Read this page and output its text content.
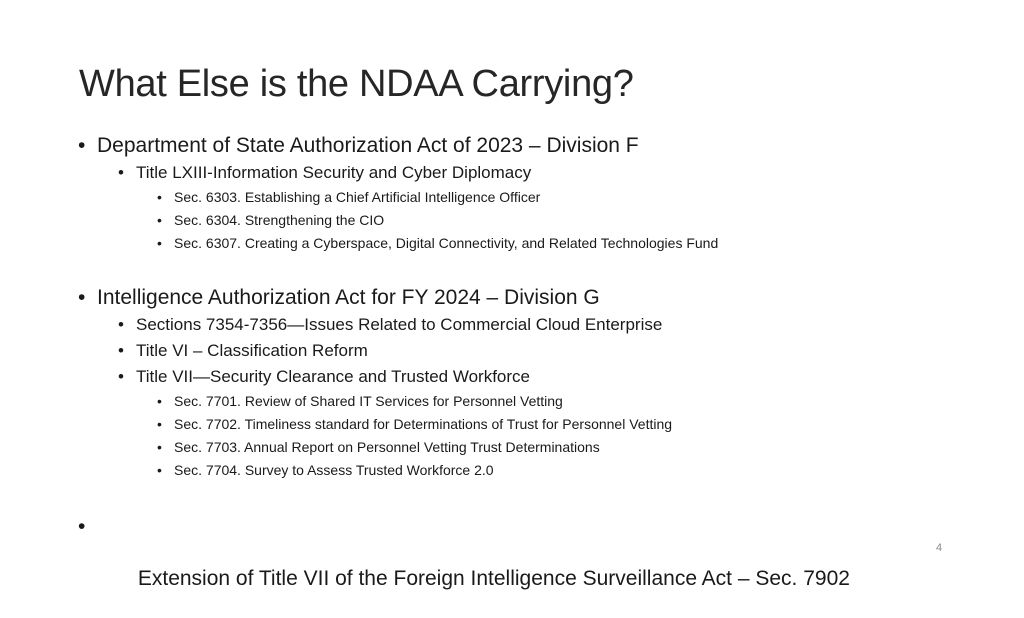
What Else is the NDAA Carrying?
• Department of State Authorization Act of 2023 – Division F
• Title LXIII-Information Security and Cyber Diplomacy
• Sec. 6303. Establishing a Chief Artificial Intelligence Officer
• Sec. 6304. Strengthening the CIO
• Sec. 6307. Creating a Cyberspace, Digital Connectivity, and Related Technologies Fund
• Intelligence Authorization Act for FY 2024 – Division G
• Sections 7354-7356—Issues Related to Commercial Cloud Enterprise
• Title VI – Classification Reform
• Title VII—Security Clearance and Trusted Workforce
• Sec. 7701. Review of Shared IT Services for Personnel Vetting
• Sec. 7702. Timeliness standard for Determinations of Trust for Personnel Vetting
• Sec. 7703. Annual Report on Personnel Vetting Trust Determinations
• Sec. 7704. Survey to Assess Trusted Workforce 2.0

•

Extension of Title VII of the Foreign Intelligence Surveillance Act – Sec. 7902

4
